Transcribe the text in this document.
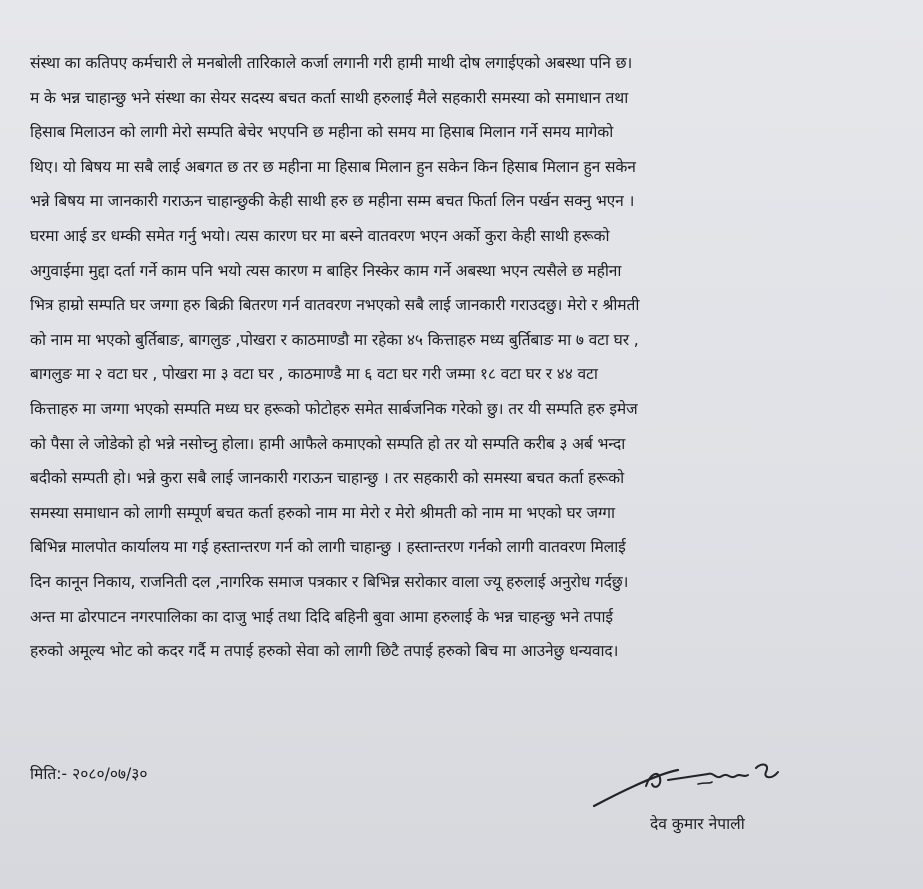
संस्था का कतिपए कर्मचारी ले मनबोली तारिकाले कर्जा लगानी गरी हामी माथी दोष लगाईएको अबस्था पनि छ।
म के भन्न चाहान्छु भने संस्था का सेयर सदस्य बचत कर्ता साथी हरुलाई मैले सहकारी समस्या को समाधान तथा
हिसाब मिलाउन को लागी मेरो सम्पति बेचेर भएपनि छ महीना को समय मा हिसाब मिलान गर्ने समय मागेको
थिए। यो बिषय मा सबै लाई अबगत छ तर छ महीना मा हिसाब मिलान हुन सकेन किन हिसाब मिलान हुन सकेन
भन्ने बिषय मा जानकारी गराऊन चाहान्छुकी केही साथी हरु छ महीना सम्म बचत फिर्ता लिन पर्खन सक्नु भएन ।
घरमा आई डर धम्की समेत गर्नु भयो। त्यस कारण घर मा बस्ने वातवरण भएन अर्को कुरा केही साथी हरूको
अगुवाईमा मुद्दा दर्ता गर्ने काम पनि भयो त्यस कारण म बाहिर निस्केर काम गर्ने अबस्था भएन त्यसैले छ महीना
भित्र हाम्रो सम्पति घर जग्गा हरु बिक्री बितरण गर्न वातवरण नभएको सबै लाई जानकारी गराउदछु। मेरो र श्रीमती
को नाम मा भएको बुर्तिबाङ, बागलुङ ,पोखरा र काठमाण्डौ मा रहेका ४५ कित्ताहरु मध्य बुर्तिबाङ मा ७ वटा घर ,
बागलुङ मा २ वटा घर , पोखरा मा ३ वटा घर , काठमाण्डै मा ६ वटा घर गरी जम्मा १८ वटा घर र ४४ वटा
कित्ताहरु मा जग्गा भएको सम्पति मध्य घर हरूको फोटोहरु समेत सार्बजनिक गरेको छु। तर यी सम्पति हरु इमेज
को पैसा ले जोडेको हो भन्ने नसोच्नु होला। हामी आफैले कमाएको सम्पति हो तर यो सम्पति करीब ३ अर्ब भन्दा
बदीको सम्पती हो। भन्ने कुरा सबै लाई जानकारी गराऊन चाहान्छु । तर सहकारी को समस्या बचत कर्ता हरूको
समस्या समाधान को लागी सम्पूर्ण बचत कर्ता हरुको नाम मा मेरो र मेरो श्रीमती को नाम मा भएको घर जग्गा
बिभिन्न मालपोत कार्यालय मा गई हस्तान्तरण गर्न को लागी चाहान्छु । हस्तान्तरण गर्नको लागी वातवरण मिलाई
दिन कानून निकाय, राजनिती दल ,नागरिक समाज पत्रकार र बिभिन्न सरोकार वाला ज्यू हरुलाई अनुरोध गर्दछु।
अन्त मा ढोरपाटन नगरपालिका का दाजु भाई तथा दिदि बहिनी बुवा आमा हरुलाई के भन्न चाहन्छु भने तपाई
हरुको अमूल्य भोट को कदर गर्दै म तपाई हरुको सेवा को लागी छिटै तपाई हरुको बिच मा आउनेछु धन्यवाद।
मिति:- २०८०/०७/३०
देव कुमार नेपाली
